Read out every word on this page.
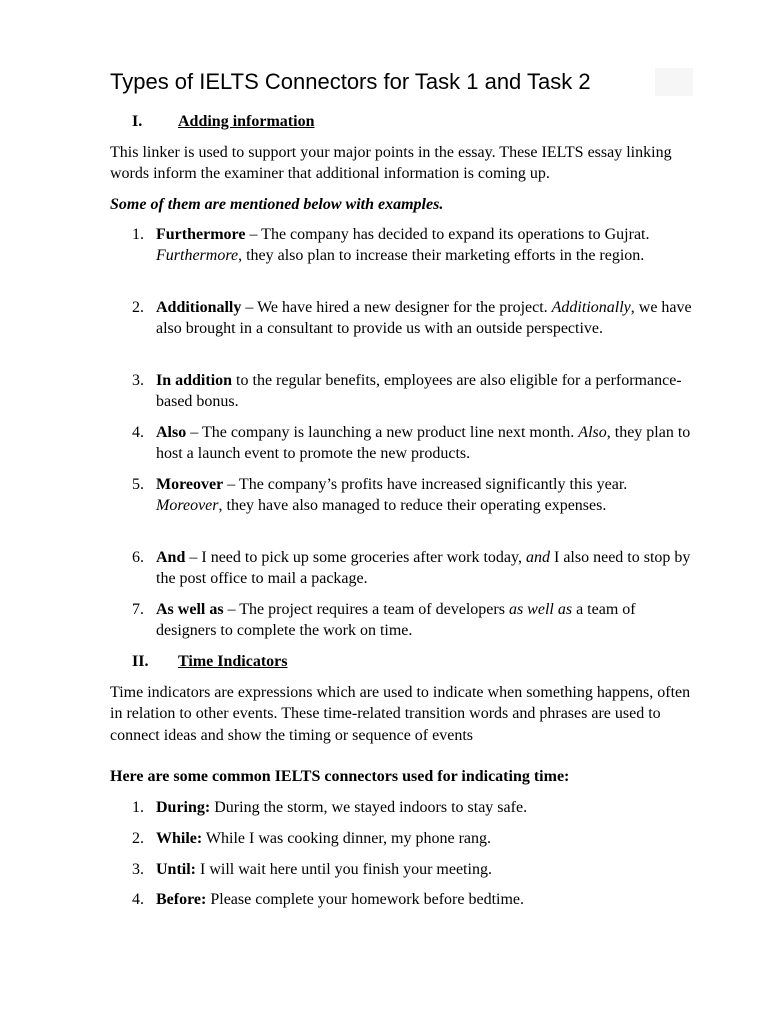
Types of IELTS Connectors for Task 1 and Task 2
I. Adding information

This linker is used to support your major points in the essay. These IELTS essay linking words inform the examiner that additional information is coming up.

Some of them are mentioned below with examples.

1. Furthermore – The company has decided to expand its operations to Gujrat. Furthermore, they also plan to increase their marketing efforts in the region.
2. Additionally – We have hired a new designer for the project. Additionally, we have also brought in a consultant to provide us with an outside perspective.
3. In addition to the regular benefits, employees are also eligible for a performance-based bonus.
4. Also – The company is launching a new product line next month. Also, they plan to host a launch event to promote the new products.
5. Moreover – The company’s profits have increased significantly this year. Moreover, they have also managed to reduce their operating expenses.
6. And – I need to pick up some groceries after work today, and I also need to stop by the post office to mail a package.
7. As well as – The project requires a team of developers as well as a team of designers to complete the work on time.
II. Time Indicators

Time indicators are expressions which are used to indicate when something happens, often in relation to other events. These time-related transition words and phrases are used to connect ideas and show the timing or sequence of events

Here are some common IELTS connectors used for indicating time:

1. During: During the storm, we stayed indoors to stay safe.
2. While: While I was cooking dinner, my phone rang.
3. Until: I will wait here until you finish your meeting.
4. Before: Please complete your homework before bedtime.
